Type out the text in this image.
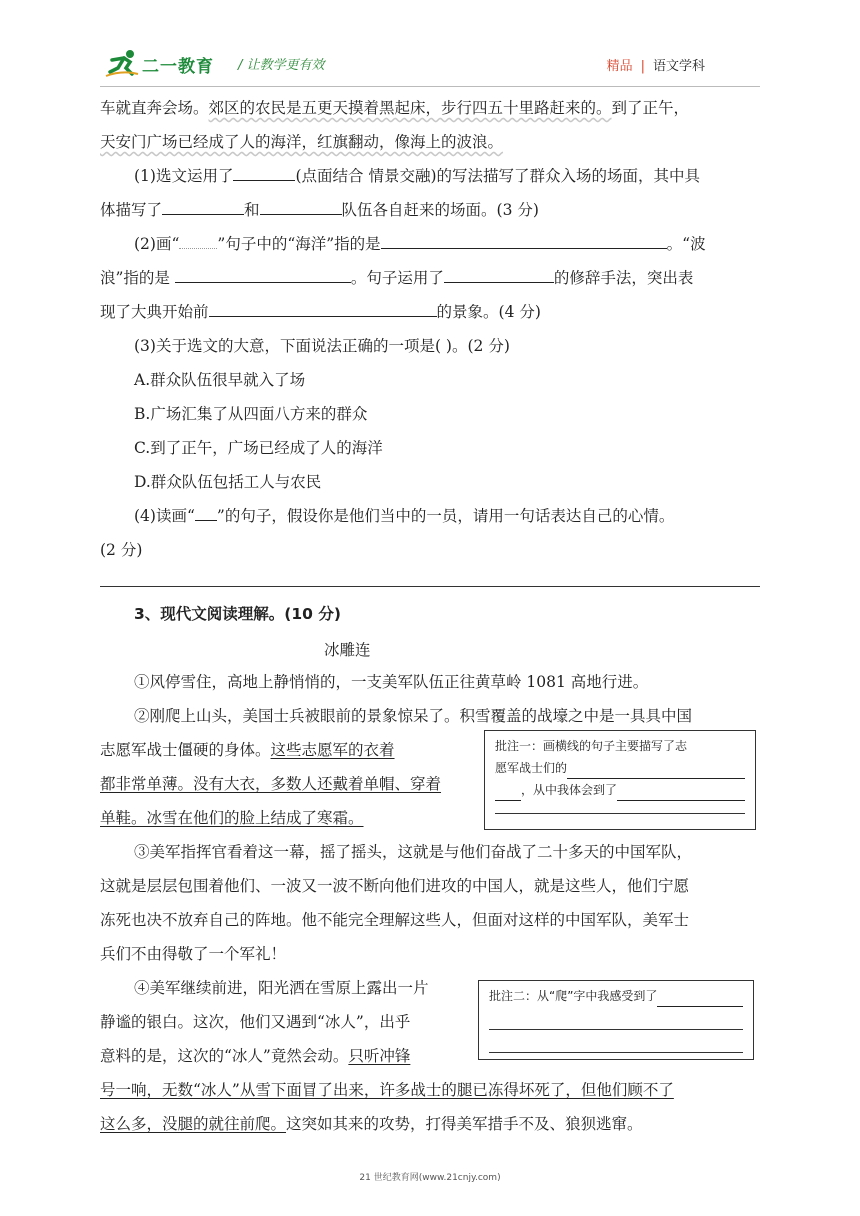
二一教育 / 让教学更有效	精品 | 语文学科
车就直奔会场。郊区的农民是五更天摸着黑起床，步行四五十里路赶来的。到了正午，
天安门广场已经成了人的海洋，红旗翻动，像海上的波浪。
(1)选文运用了	(点面结合 情景交融)的写法描写了群众入场的场面，其中具
体描写了	和	队伍各自赶来的场面。(3 分)
(2)画“ ”句子中的“海洋”指的是	。“波
浪”指的是	。句子运用了	的修辞手法，突出表
现了大典开始前	的景象。(4 分)
(3)关于选文的大意，下面说法正确的一项是( )。(2 分)
A.群众队伍很早就入了场
B.广场汇集了从四面八方来的群众
C.到了正午，广场已经成了人的海洋
D.群众队伍包括工人与农民
(4)读画“ ”的句子，假设你是他们当中的一员，请用一句话表达自己的心情。
(2 分)
3、现代文阅读理解。(10 分)
冰雕连
①风停雪住，高地上静悄悄的，一支美军队伍正往黄草岭 1081 高地行进。
②刚爬上山头，美国士兵被眼前的景象惊呆了。积雪覆盖的战壕之中是一具具中国
志愿军战士僵硬的身体。这些志愿军的衣着
都非常单薄。没有大衣，多数人还戴着单帽、穿着
单鞋。冰雪在他们的脸上结成了寒霜。
批注一：画横线的句子主要描写了志
愿军战士们的
，从中我体会到了
③美军指挥官看着这一幕，摇了摇头，这就是与他们奋战了二十多天的中国军队，
这就是层层包围着他们、一波又一波不断向他们进攻的中国人，就是这些人，他们宁愿
冻死也决不放弃自己的阵地。他不能完全理解这些人，但面对这样的中国军队，美军士
兵们不由得敬了一个军礼！
④美军继续前进，阳光洒在雪原上露出一片
静谧的银白。这次，他们又遇到“冰人”，出乎
意料的是，这次的“冰人”竟然会动。只听冲锋
号一响，无数“冰人”从雪下面冒了出来，许多战士的腿已冻得坏死了，但他们顾不了
这么多，没腿的就往前爬。这突如其来的攻势，打得美军措手不及、狼狈逃窜。
批注二：从“爬”字中我感受到了
21 世纪教育网(www.21cnjy.com)
